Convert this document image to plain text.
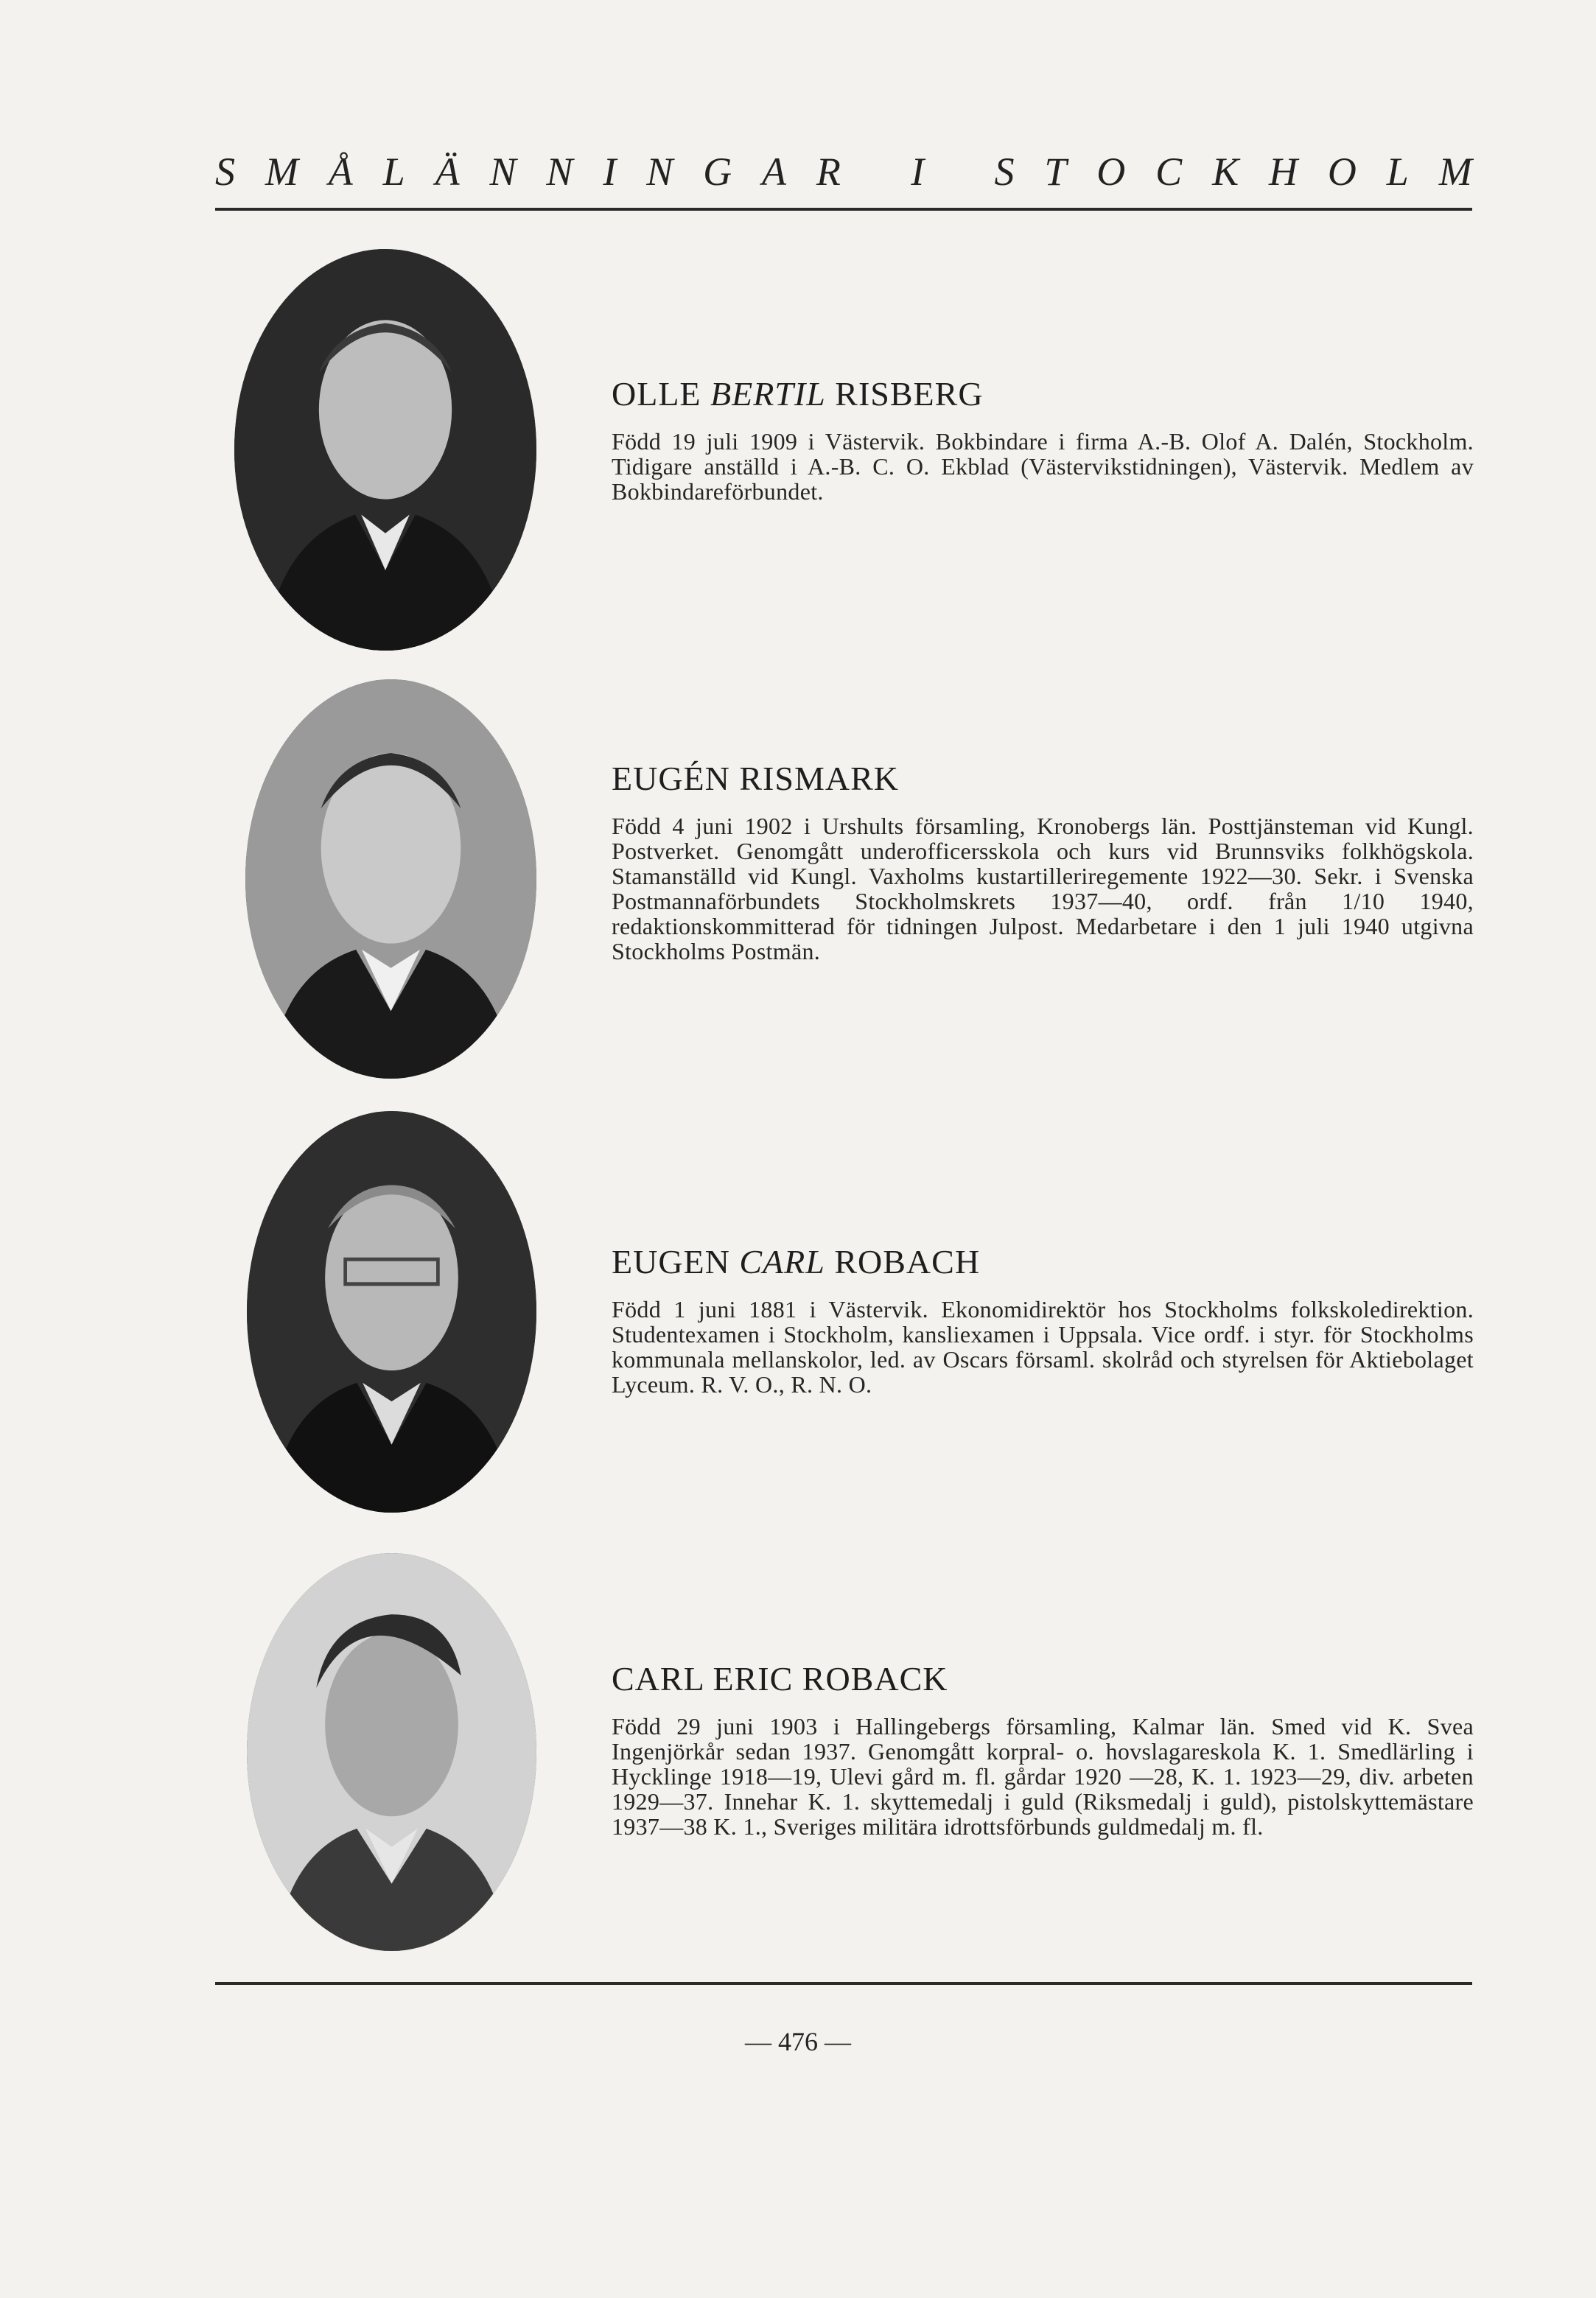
S M Å L Ä N N I N G A R
I
S T O C K H O L M
OLLE BERTIL RISBERG
Född 19 juli 1909 i Västervik. Bokbindare i firma A.-B. Olof A. Dalén, Stockholm. Tidigare anställd i A.-B. C. O. Ekblad (Västervikstidningen), Västervik. Medlem av Bokbindareförbundet.
EUGÉN RISMARK
Född 4 juni 1902 i Urshults församling, Kronobergs län. Posttjänsteman vid Kungl. Postverket. Genomgått underofficersskola och kurs vid Brunnsviks folkhögskola. Stamanställd vid Kungl. Vaxholms kustartilleriregemente 1922—30. Sekr. i Svenska Postmannaförbundets Stockholmskrets 1937—40, ordf. från 1/10 1940, redaktionskommitterad för tidningen Julpost. Medarbetare i den 1 juli 1940 utgivna Stockholms Postmän.
EUGEN CARL ROBACH
Född 1 juni 1881 i Västervik. Ekonomidirektör hos Stockholms folkskoledirektion. Studentexamen i Stockholm, kansliexamen i Uppsala. Vice ordf. i styr. för Stockholms kommunala mellanskolor, led. av Oscars församl. skolråd och styrelsen för Aktiebolaget Lyceum. R. V. O., R. N. O.
CARL ERIC ROBACK
Född 29 juni 1903 i Hallingebergs församling, Kalmar län. Smed vid K. Svea Ingenjörkår sedan 1937. Genomgått korpral- o. hovslagareskola K. 1. Smedlärling i Hycklinge 1918—19, Ulevi gård m. fl. gårdar 1920 —28, K. 1. 1923—29, div. arbeten 1929—37. Innehar K. 1. skyttemedalj i guld (Riksmedalj i guld), pistolskyttemästare 1937—38 K. 1., Sveriges militära idrottsförbunds guldmedalj m. fl.
— 476 —
